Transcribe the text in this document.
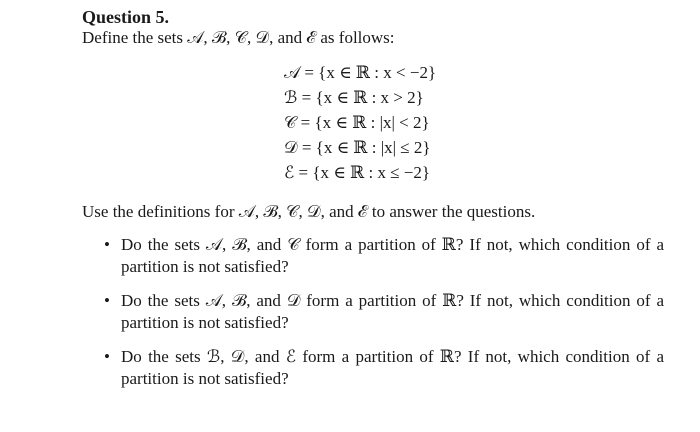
Question 5.
Define the sets 𝒜, ℬ, 𝒞, 𝒟, and ℰ as follows:
𝒜 = {x ∈ ℝ : x < −2}
ℬ = {x ∈ ℝ : x > 2}
𝒞 = {x ∈ ℝ : |x| < 2}
𝒟 = {x ∈ ℝ : |x| ≤ 2}
ℰ = {x ∈ ℝ : x ≤ −2}
Use the definitions for 𝒜, ℬ, 𝒞, 𝒟, and ℰ to answer the questions.
• Do the sets 𝒜, ℬ, and 𝒞 form a partition of ℝ? If not, which condition of a
partition is not satisfied?
• Do the sets 𝒜, ℬ, and 𝒟 form a partition of ℝ? If not, which condition of a
partition is not satisfied?
• Do the sets ℬ, 𝒟, and ℰ form a partition of ℝ? If not, which condition of a
partition is not satisfied?
